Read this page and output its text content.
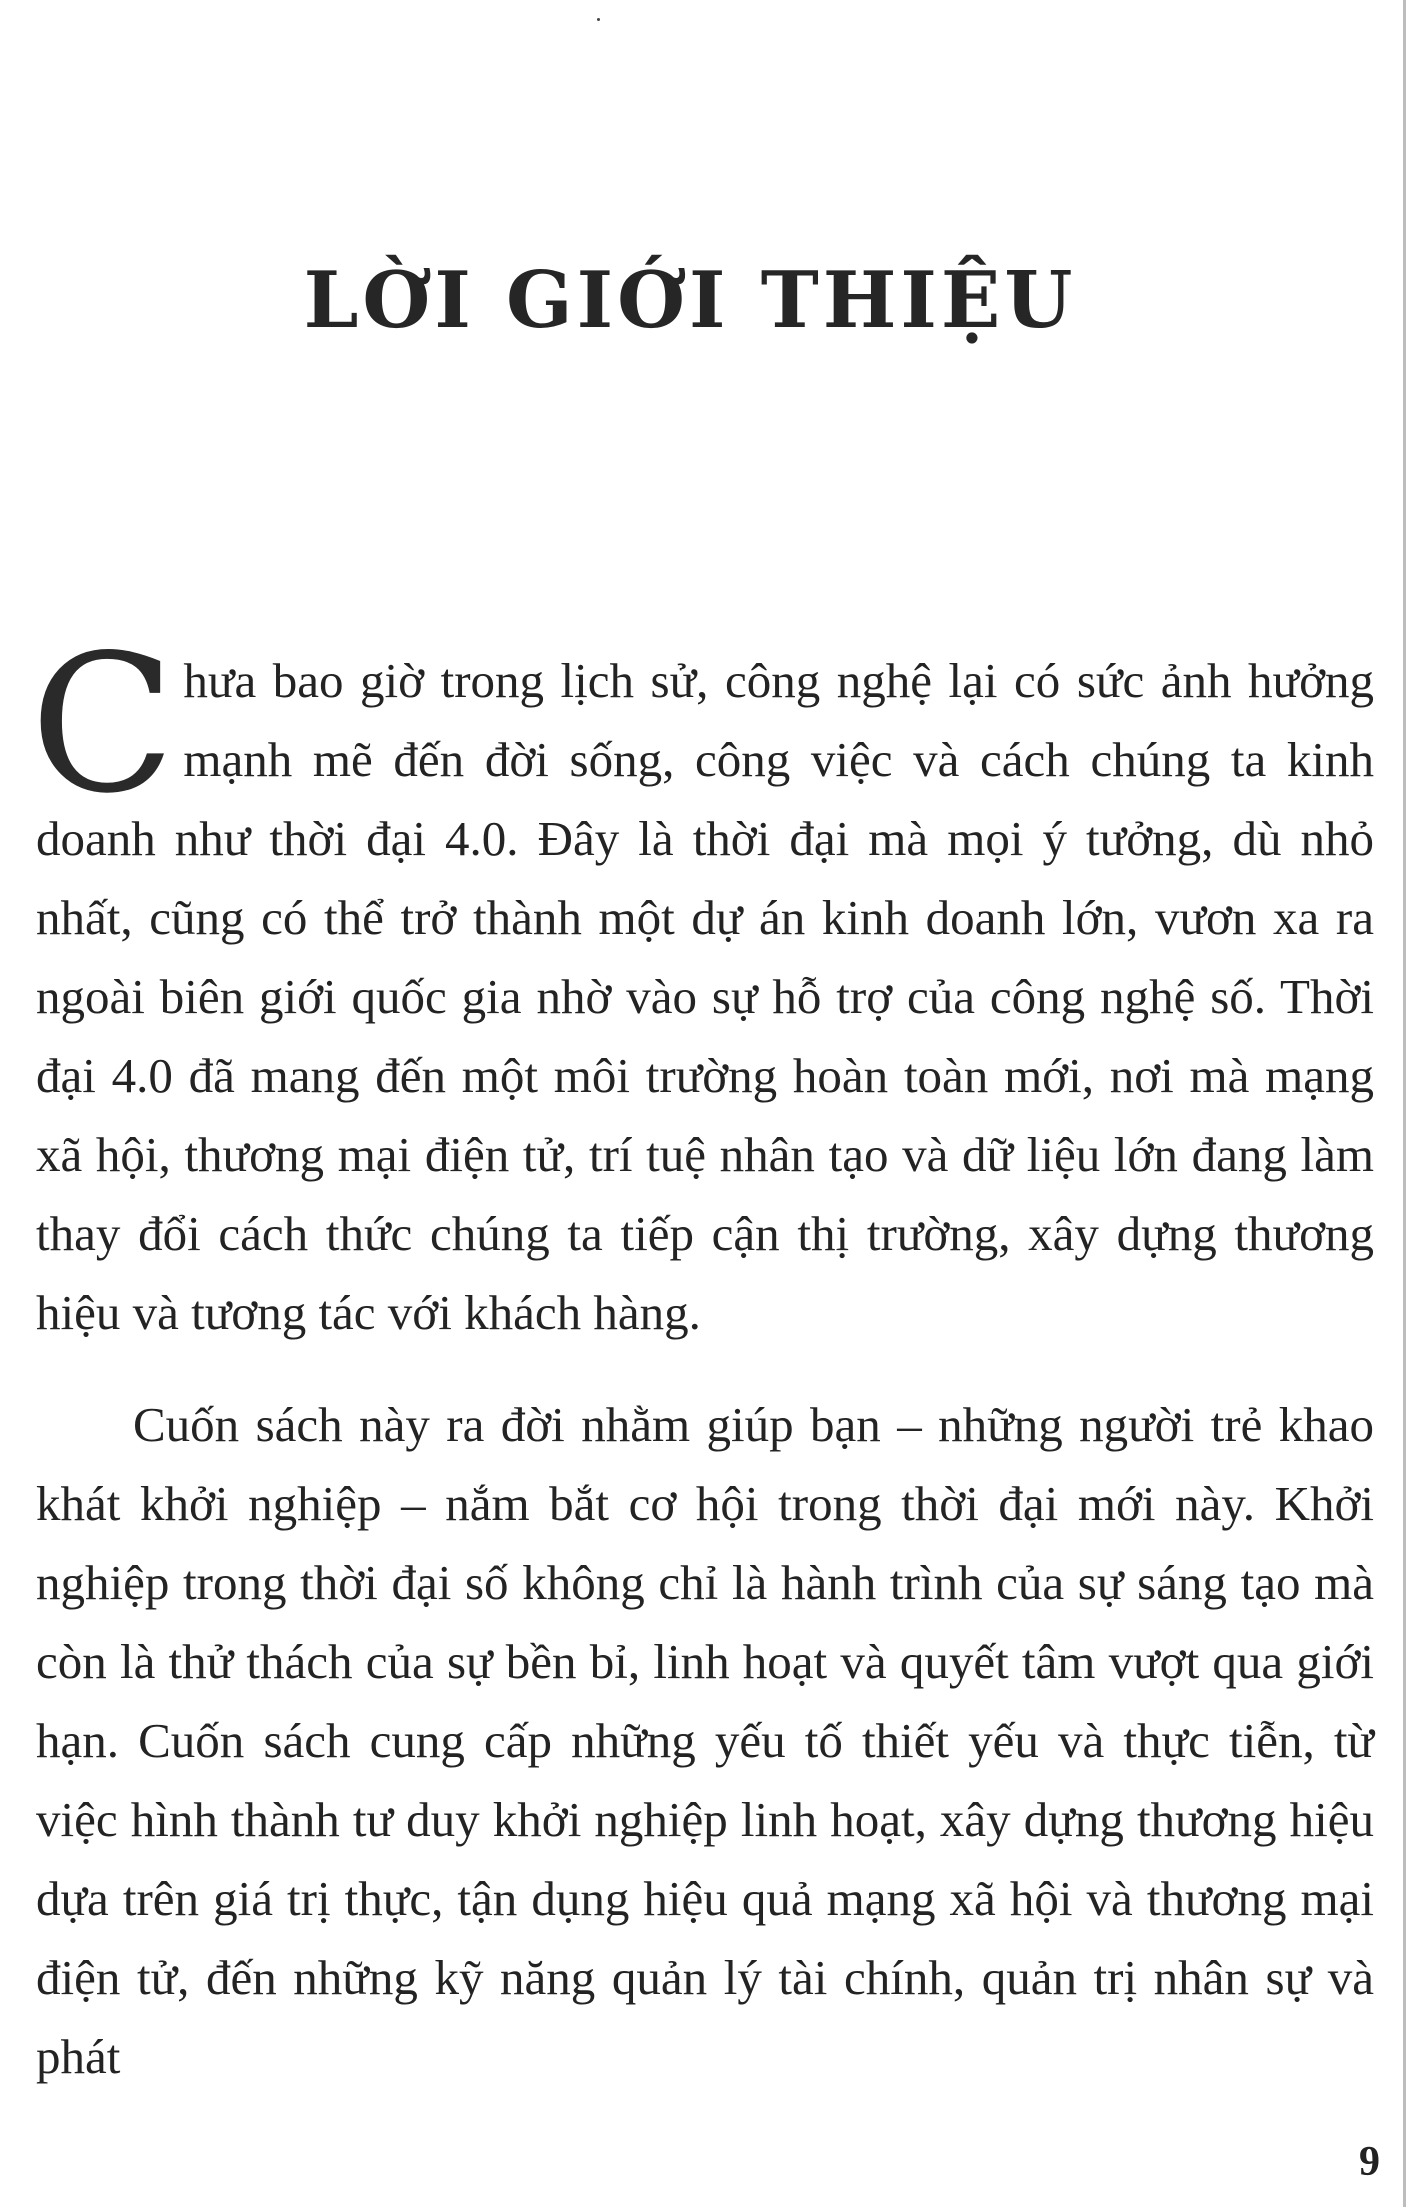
LỜI GIỚI THIỆU

Chưa bao giờ trong lịch sử, công nghệ lại có sức ảnh hưởng mạnh mẽ đến đời sống, công việc và cách chúng ta kinh doanh như thời đại 4.0. Đây là thời đại mà mọi ý tưởng, dù nhỏ nhất, cũng có thể trở thành một dự án kinh doanh lớn, vươn xa ra ngoài biên giới quốc gia nhờ vào sự hỗ trợ của công nghệ số. Thời đại 4.0 đã mang đến một môi trường hoàn toàn mới, nơi mà mạng xã hội, thương mại điện tử, trí tuệ nhân tạo và dữ liệu lớn đang làm thay đổi cách thức chúng ta tiếp cận thị trường, xây dựng thương hiệu và tương tác với khách hàng.

Cuốn sách này ra đời nhằm giúp bạn – những người trẻ khao khát khởi nghiệp – nắm bắt cơ hội trong thời đại mới này. Khởi nghiệp trong thời đại số không chỉ là hành trình của sự sáng tạo mà còn là thử thách của sự bền bỉ, linh hoạt và quyết tâm vượt qua giới hạn. Cuốn sách cung cấp những yếu tố thiết yếu và thực tiễn, từ việc hình thành tư duy khởi nghiệp linh hoạt, xây dựng thương hiệu dựa trên giá trị thực, tận dụng hiệu quả mạng xã hội và thương mại điện tử, đến những kỹ năng quản lý tài chính, quản trị nhân sự và phát

9
